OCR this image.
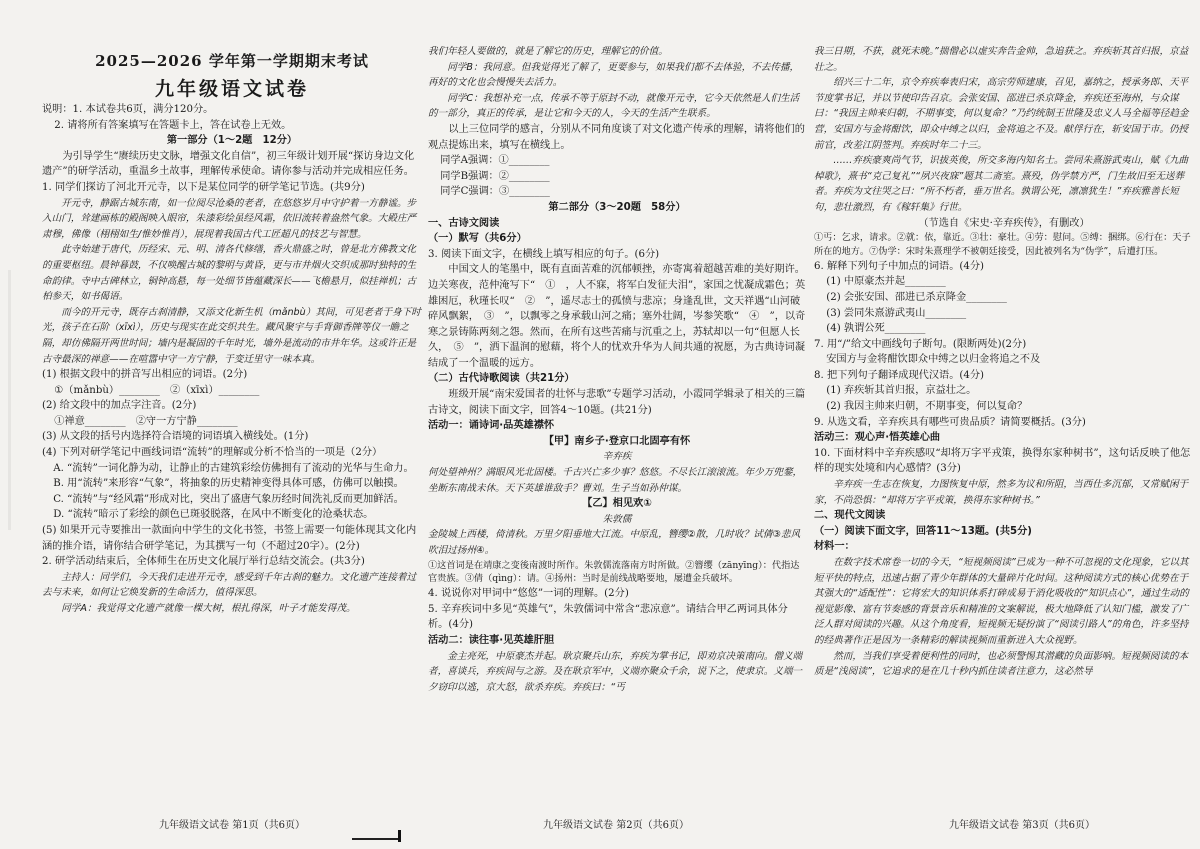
2025—2026 学年第一学期期末考试
九年级语文试卷

说明：1. 本试卷共6页，满分120分。

2. 请将所有答案填写在答题卡上，答在试卷上无效。

第一部分（1～2题　12分）

为引导学生“赓续历史文脉，增强文化自信”，初三年级计划开展“探访身边文化遗产”的研学活动，重温乡土故事，理解传承使命。请你参与活动并完成相应任务。

1. 同学们探访了河北开元寺，以下是某位同学的研学笔记节选。(共9分)

开元寺，静踞古城东南，如一位阅尽沧桑的老者，在悠悠岁月中守护着一方静谧。步入山门，耸建画栋的殿阁映入眼帘，朱漆彩绘虽经风霜，依旧流转着盎然气象。大殿庄严肃穆，佛像（栩栩如生/惟妙惟肖），展现着我国古代工匠超凡的技艺与智慧。

此寺始建于唐代，历经宋、元、明、清各代修缮，香火鼎盛之时，曾是北方佛教文化的重要枢纽。晨钟暮鼓，不仅唤醒古城的黎明与黄昏，更与市井烟火交织成那时独特的生命韵律。寺中古碑林立，铜钟高悬，每一处细节皆蕴藏深长——飞檐悬月，似挂禅机；古柏参天，如书偈语。

而今的开元寺，既存古刹清静，又添文化新生机（mǎnbù）其间，可见老者于身下时光，孩子在石阶（xīxì），历史与现实在此交织共生。藏风聚宇与手背御香牌等仪一瞻之隔，却仿佛隔开两世时间；墙内是凝固的千年时光，墙外是流动的市井年华。这或许正是古寺最深的禅意——在喧嚣中守一方宁静，于变迁里守一味本真。

(1) 根据文段中的拼音写出相应的词语。(2分)

①（mǎnbù）________　②（xīxì）________

(2) 给文段中的加点字注音。(2分)

①禅意________　②守一方宁静________

(3) 从文段的括号内选择符合语境的词语填入横线处。(1分)

(4) 下列对研学笔记中画线词语“流转”的理解或分析不恰当的一项是（2分）

A. “流转”一词化静为动，让静止的古建筑彩绘仿佛拥有了流动的光华与生命力。

B. 用“流转”来形容“气象”，将抽象的历史精神变得具体可感，仿佛可以触摸。

C. “流转”与“经风霜”形成对比，突出了盛唐气象历经时间洗礼反而更加鲜活。

D. “流转”暗示了彩绘的颜色已斑驳脱落，在风中不断变化的沧桑状态。

(5) 如果开元寺要推出一款面向中学生的文化书签，书签上需要一句能体现其文化内涵的推介语，请你结合研学笔记，为其撰写一句（不超过20字）。(2分)

2. 研学活动结束后，全体师生在历史文化展厅举行总结交流会。(共3分)

主持人：同学们，今天我们走进开元寺，感受到千年古刹的魅力。文化遗产连接着过去与未来，如何让它焕发新的生命活力，值得深思。

同学A：我觉得文化遗产就像一棵大树，根扎得深，叶子才能发得茂。

我们年轻人要做的，就是了解它的历史，理解它的价值。

同学B：我同意。但我觉得光了解了，更要参与，如果我们都不去体验，不去传播，再好的文化也会慢慢失去活力。

同学C：我想补充一点，传承不等于原封不动，就像开元寺，它今天依然是人们生活的一部分，真正的传承，是让它和今天的人，今天的生活产生联系。

以上三位同学的感言，分别从不同角度谈了对文化遗产传承的理解，请将他们的观点提炼出来，填写在横线上。

同学A强调：①________

同学B强调：②________

同学C强调：③________

第二部分（3～20题　58分）

一、古诗文阅读

（一）默写（共6分）

3. 阅读下面文字，在横线上填写相应的句子。(6分)

中国文人的笔墨中，既有直面苦难的沉郁顿挫，亦寄寓着超越苦难的美好期许。边关寒夜，范仲淹写下“　①　，人不寐，将军白发征夫泪”，家国之忧凝成霜色；英雄困厄，秋瑾长叹“　②　”，遥尽志士的孤愤与悲凉；身逢乱世，文天祥遇“山河破碎风飘絮，　③　”，以飘零之身承载山河之痛；塞外壮阔，岑参笑歌“　④　”，以奇寒之景铸陈两刻之怨。然而，在所有这些苦痛与沉重之上，苏轼却以一句“但愿人长久，　⑤　”，洒下温润的慰藉，将个人的忧欢升华为人间共通的祝愿，为古典诗词凝结成了一个温暖的远方。

（二）古代诗歌阅读（共21分）

班级开展“南宋爱国者的壮怀与悲歌”专题学习活动，小霞同学辑录了相关的三篇古诗文，阅读下面文字，回答4～10题。(共21分)

活动一：诵诗词·品英雄襟怀

【甲】南乡子·登京口北固亭有怀

辛弃疾

何处望神州？满眼风光北固楼。千古兴亡多少事？悠悠。不尽长江滚滚流。年少万兜鍪，坐断东南战未休。天下英雄谁敌手？曹刘。生子当如孙仲谋。

【乙】相见欢①

朱敦儒

金陵城上西楼，倚清秋。万里夕阳垂地大江流。中原乱，簪缨②散，几时收？试倩③悲风吹泪过扬州④。

①这首词是在靖康之变後南渡时所作。朱敦儒流落南方时所做。②簪缨（zānyīng）：代指达官贵族。③倩（qìng）：请。④扬州：当时是前线战略要地，屡遭金兵破坏。

4. 说说你对甲词中“悠悠”一词的理解。(2分)

5. 辛弃疾词中多见“英雄气”，朱敦儒词中常含“悲凉意”。请结合甲乙两词具体分析。(4分)

活动二：读往事·见英雄肝胆

金主亮死，中原豪杰并起。耿京聚兵山东，弃疾为掌书记，即劝京决策南向。僧义端者，喜谈兵，弃疾间与之游。及在耿京军中，义端亦聚众千余，说下之，使隶京。义端一夕窃印以逃，京大怒，欲杀弃疾。弃疾曰：“丐

我三日期，不获，就死未晚。”揣僧必以虚实奔告金帅，急追获之。弃疾斩其首归报，京益壮之。

绍兴三十二年，京令弃疾奉表归宋，高宗劳师建康，召见，嘉纳之，授承务郎、天平节度掌书记，并以节使印告召京。会张安国、邵进已杀京降金，弃疾还至海州，与众谋曰：“我因主帅来归朝，不期事变，何以复命？”乃约统制王世隆及忠义人马全福等径趋金营，安国方与金将酣饮，即众中缚之以归，金将追之不及。献俘行在，斩安国于市。仍授前官，改差江阴签判。弃疾时年二十三。

……弃疾豪爽尚气节，识拔英俊，所交多海内知名士。尝同朱熹游武夷山，赋《九曲棹歌》，熹书“克己复礼”“夙兴夜寐”题其二斋室。熹殁，伪学禁方严，门生故旧至无送葬者。弃疾为文往哭之曰：“所不朽者，垂万世名。孰谓公死，凛凛犹生！”弃疾雅善长短句，悲壮激烈，有《稼轩集》行世。

（节选自《宋史·辛弃疾传》，有删改）

①丐：乞求，请求。②就：依，靠近。③壮：豪壮。④劳：慰问。⑤缚：捆绑。⑥行在：天子所在的地方。⑦伪学：宋时朱熹理学不被朝廷接受，因此被列名为“伪学”，后遭打压。

6. 解释下列句子中加点的词语。(4分)

(1) 中原豪杰并起________

(2) 会张安国、邵进已杀京降金________

(3) 尝同朱熹游武夷山________

(4) 孰谓公死________

7. 用“/”给文中画线句子断句。(限断两处)(2分)

安国方与金将酣饮即众中缚之以归金将追之不及

8. 把下列句子翻译成现代汉语。(4分)

(1) 弃疾斩其首归报，京益壮之。

(2) 我因主帅来归朝，不期事变，何以复命？

9. 从选文看，辛弃疾具有哪些可贵品质？请简要概括。(3分)

活动三：观心声·悟英雄心曲

10. 下面材料中辛弃疾感叹“却将万字平戎策，换得东家种树书”，这句话反映了他怎样的现实处境和内心感情？(3分)

辛弃疾一生志在恢复，力图恢复中原，然多为议和所阻，当西仕多沉郁，又常赋闲于家，不尚恐惧：“却将万字平戎策，换得东家种树书。”

二、现代文阅读

（一）阅读下面文字，回答11～13题。(共5分)

材料一：

在数字技术席卷一切的今天，“短视频阅读”已成为一种不可忽视的文化现象，它以其短平快的特点，迅速占据了青少年群体的大量碎片化时间。这种阅读方式的核心优势在于其强大的“适配性”：它将宏大的知识体系打碎成易于消化吸收的“知识点心”，通过生动的视觉影像、富有节奏感的背景音乐和精准的文案解说，极大地降低了认知门槛，激发了广泛人群对阅读的兴趣。从这个角度看，短视频无疑扮演了“阅读引路人”的角色，许多坚持的经典著作正是因为一条精彩的解读视频而重新进入大众视野。

然而，当我们享受着便利性的同时，也必须警惕其潜藏的负面影响。短视频阅读的本质是“浅阅读”，它追求的是在几十秒内抓住读者注意力，这必然导

九年级语文试卷 第1页（共6页）	九年级语文试卷 第2页（共6页）	九年级语文试卷 第3页（共6页）
